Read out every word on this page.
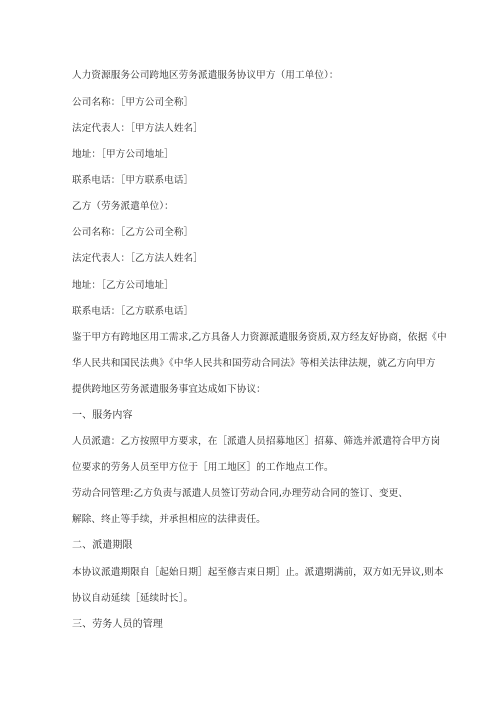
人力资源服务公司跨地区劳务派遣服务协议甲方（用工单位）：
公司名称：［甲方公司全称］
法定代表人：［甲方法人姓名］
地址：［甲方公司地址］
联系电话：［甲方联系电话］
乙方（劳务派遣单位）：
公司名称：［乙方公司全称］
法定代表人：［乙方法人姓名］
地址：［乙方公司地址］
联系电话：［乙方联系电话］
鉴于甲方有跨地区用工需求,乙方具备人力资源派遣服务资质,双方经友好协商，依据《中
华人民共和国民法典》《中华人民共和国劳动合同法》等相关法律法规，就乙方向甲方
提供跨地区劳务派遣服务事宜达成如下协议：
一、服务内容
人员派遣：乙方按照甲方要求，在［派遣人员招募地区］招募、筛选并派遣符合甲方岗
位要求的劳务人员至甲方位于［用工地区］的工作地点工作。
劳动合同管理:乙方负责与派遣人员签订劳动合同,办理劳动合同的签订、变更、
解除、终止等手续，并承担相应的法律责任。
二、派遣期限
本协议派遣期限自［起始日期］起至修吉束日期］止。派遣期满前，双方如无异议,则本
协议自动延续［延续时长］。
三、劳务人员的管理
